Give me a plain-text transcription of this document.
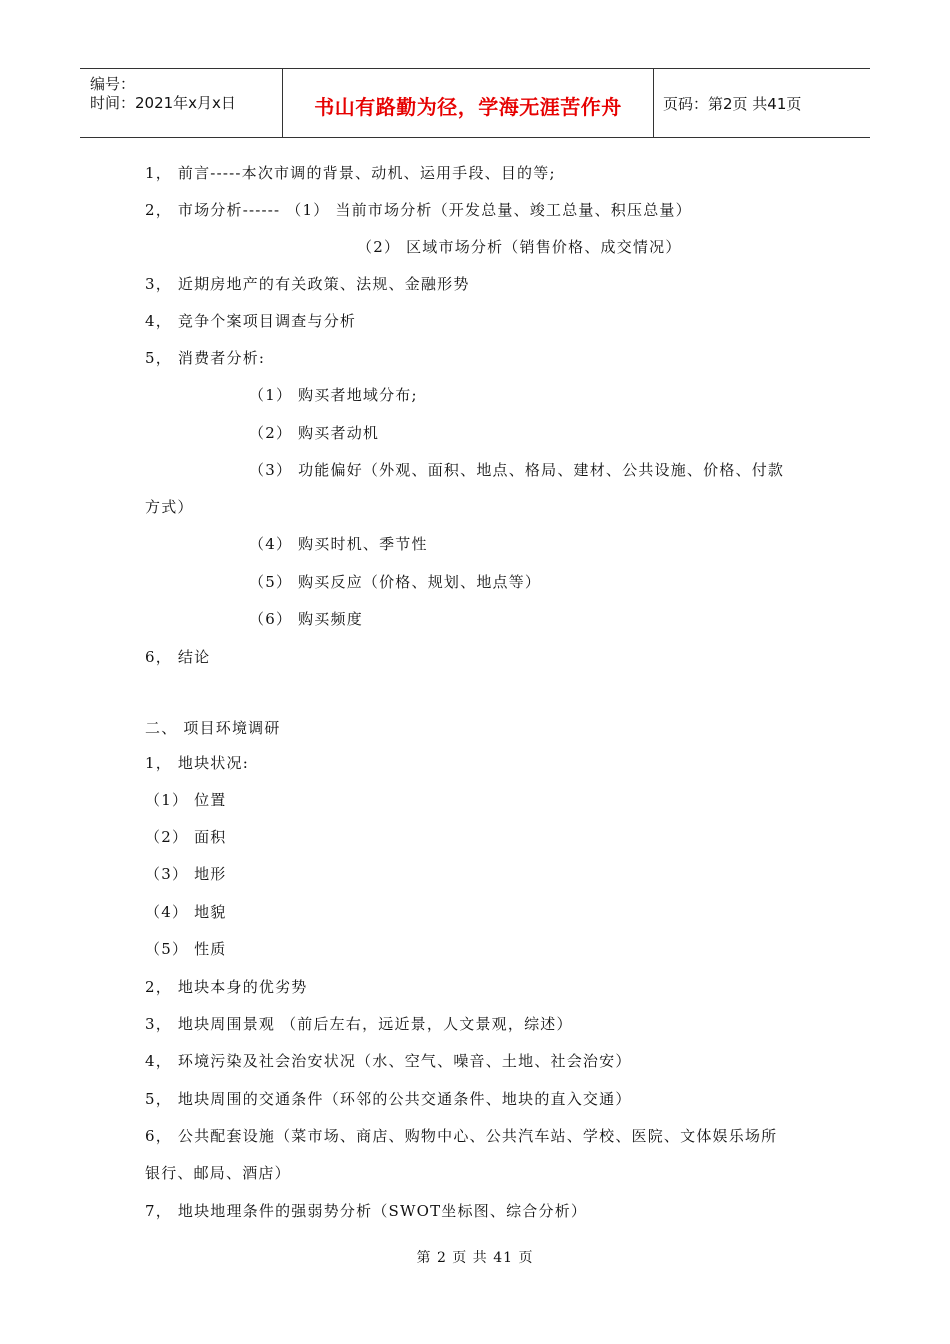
编号：
时间：2021年x月x日	书山有路勤为径，学海无涯苦作舟	页码：第2页 共41页
1， 前言-----本次市调的背景、动机、运用手段、目的等;
2， 市场分析------ （1） 当前市场分析（开发总量、竣工总量、积压总量）
（2） 区域市场分析（销售价格、成交情况）
3， 近期房地产的有关政策、法规、金融形势
4， 竞争个案项目调查与分析
5， 消费者分析:
（1） 购买者地域分布;
（2） 购买者动机
（3） 功能偏好（外观、面积、地点、格局、建材、公共设施、价格、付款
方式）
（4） 购买时机、季节性
（5） 购买反应（价格、规划、地点等）
（6） 购买频度
6， 结论
二、 项目环境调研
1， 地块状况:
（1） 位置
（2） 面积
（3） 地形
（4） 地貌
（5） 性质
2， 地块本身的优劣势
3， 地块周围景观 （前后左右，远近景，人文景观，综述）
4， 环境污染及社会治安状况（水、空气、噪音、土地、社会治安）
5， 地块周围的交通条件（环邻的公共交通条件、地块的直入交通）
6， 公共配套设施（菜市场、商店、购物中心、公共汽车站、学校、医院、文体娱乐场所
银行、邮局、酒店）
7， 地块地理条件的强弱势分析（SWOT坐标图、综合分析）
第 2 页 共 41 页
